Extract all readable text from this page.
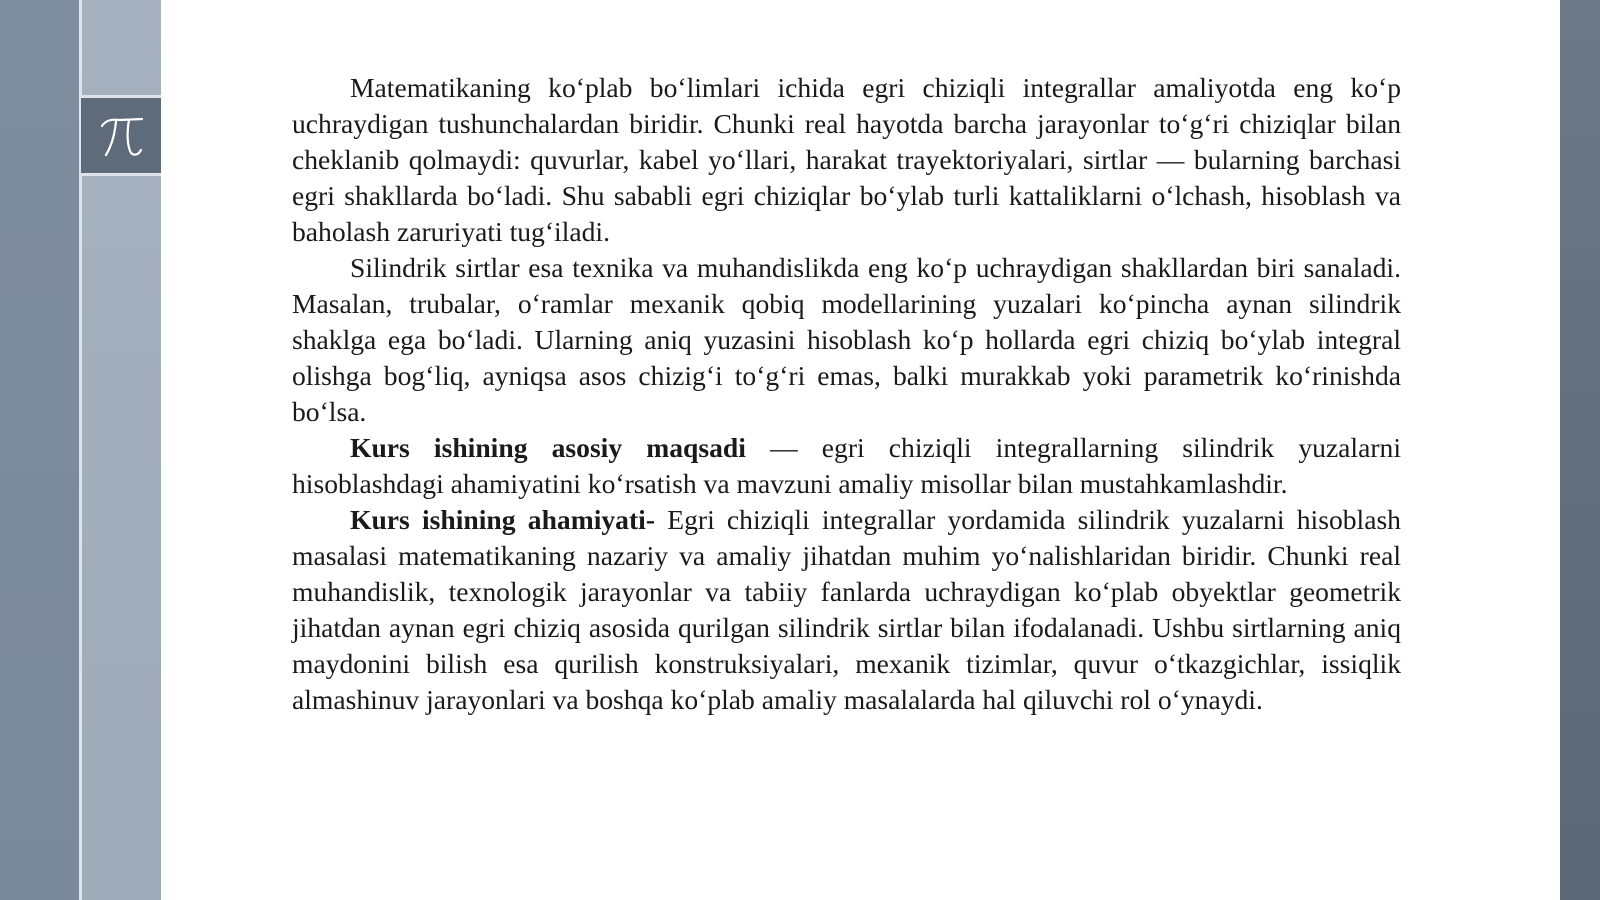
Matematikaning ko‘plab bo‘limlari ichida egri chiziqli integrallar amaliyotda eng ko‘p uchraydigan tushunchalardan biridir. Chunki real hayotda barcha jarayonlar to‘g‘ri chiziqlar bilan cheklanib qolmaydi: quvurlar, kabel yo‘llari, harakat trayektoriyalari, sirtlar — bularning barchasi egri shakllarda bo‘ladi. Shu sababli egri chiziqlar bo‘ylab turli kattaliklarni o‘lchash, hisoblash va baholash zaruriyati tug‘iladi.

Silindrik sirtlar esa texnika va muhandislikda eng ko‘p uchraydigan shakllardan biri sanaladi. Masalan, trubalar, o‘ramlar mexanik qobiq modellarining yuzalari ko‘pincha aynan silindrik shaklga ega bo‘ladi. Ularning aniq yuzasini hisoblash ko‘p hollarda egri chiziq bo‘ylab integral olishga bog‘liq, ayniqsa asos chizig‘i to‘g‘ri emas, balki murakkab yoki parametrik ko‘rinishda bo‘lsa.

Kurs ishining asosiy maqsadi — egri chiziqli integrallarning silindrik yuzalarni hisoblashdagi ahamiyatini ko‘rsatish va mavzuni amaliy misollar bilan mustahkamlashdir.

Kurs ishining ahamiyati- Egri chiziqli integrallar yordamida silindrik yuzalarni hisoblash masalasi matematikaning nazariy va amaliy jihatdan muhim yo‘nalishlaridan biridir. Chunki real muhandislik, texnologik jarayonlar va tabiiy fanlarda uchraydigan ko‘plab obyektlar geometrik jihatdan aynan egri chiziq asosida qurilgan silindrik sirtlar bilan ifodalanadi. Ushbu sirtlarning aniq maydonini bilish esa qurilish konstruksiyalari, mexanik tizimlar, quvur o‘tkazgichlar, issiqlik almashinuv jarayonlari va boshqa ko‘plab amaliy masalalarda hal qiluvchi rol o‘ynaydi.
